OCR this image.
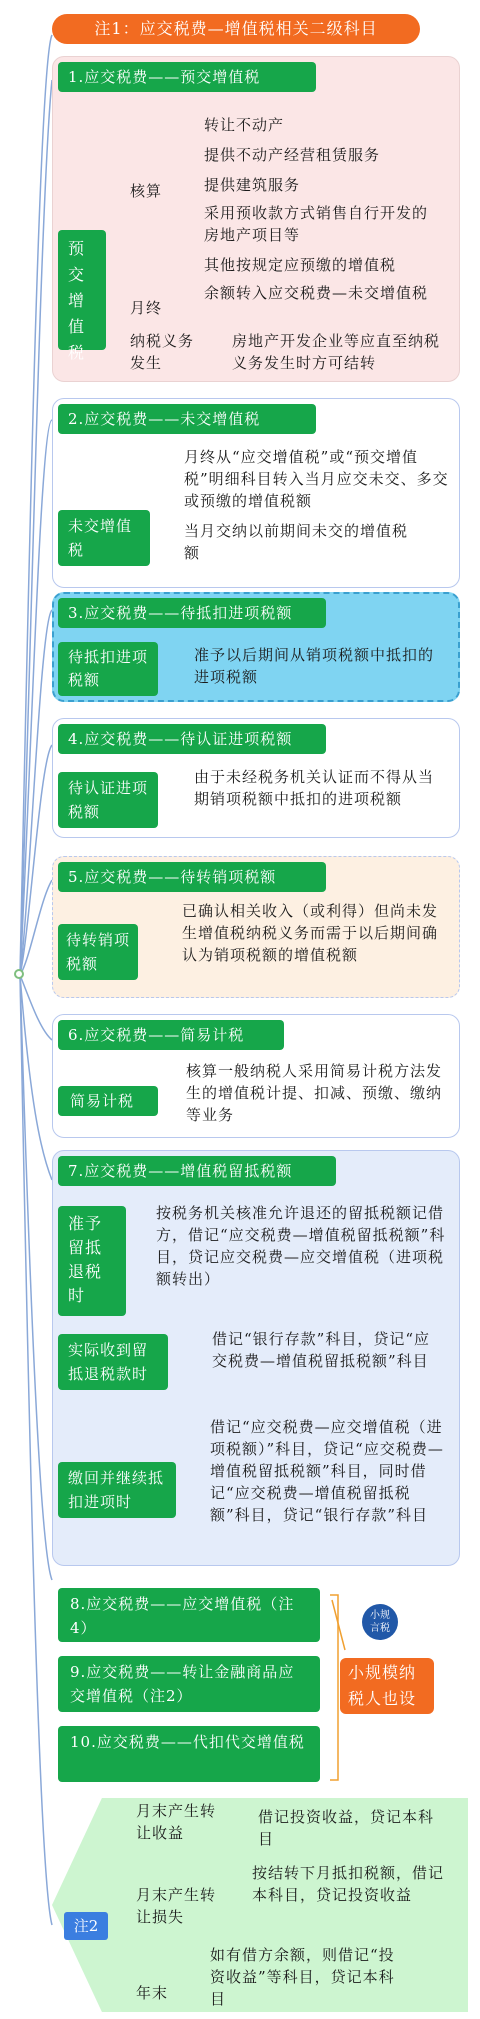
注1：应交税费—增值税相关二级科目
1.应交税费——预交增值税
预交增值税
核算
月终
纳税义务发生
转让不动产
提供不动产经营租赁服务
提供建筑服务
采用预收款方式销售自行开发的房地产项目等
其他按规定应预缴的增值税
余额转入应交税费—未交增值税
房地产开发企业等应直至纳税义务发生时方可结转
2.应交税费——未交增值税
未交增值税
月终从“应交增值税”或“预交增值税”明细科目转入当月应交未交、多交或预缴的增值税额
当月交纳以前期间未交的增值税额
3.应交税费——待抵扣进项税额
待抵扣进项税额
准予以后期间从销项税额中抵扣的进项税额
4.应交税费——待认证进项税额
待认证进项税额
由于未经税务机关认证而不得从当期销项税额中抵扣的进项税额
5.应交税费——待转销项税额
待转销项税额
已确认相关收入（或利得）但尚未发生增值税纳税义务而需于以后期间确认为销项税额的增值税额
6.应交税费——简易计税
简易计税
核算一般纳税人采用简易计税方法发生的增值税计提、扣减、预缴、缴纳等业务
7.应交税费——增值税留抵税额
准予留抵退税时
按税务机关核准允许退还的留抵税额记借方，借记“应交税费—增值税留抵税额”科目，贷记应交税费—应交增值税（进项税额转出）
实际收到留抵退税款时
借记“银行存款”科目，贷记“应交税费—增值税留抵税额”科目
缴回并继续抵扣进项时
借记“应交税费—应交增值税（进项税额）”科目，贷记“应交税费—增值税留抵税额”科目，同时借记“应交税费—增值税留抵税额”科目，贷记“银行存款”科目
8.应交税费——应交增值税（注4）
9.应交税费——转让金融商品应交增值税（注2）
10.应交税费——代扣代交增值税
小规
言税
小规模纳税人也设
注2
月末产生转让收益
借记投资收益，贷记本科目
月末产生转让损失
按结转下月抵扣税额，借记本科目，贷记投资收益
年末
如有借方余额，则借记“投资收益”等科目，贷记本科目
